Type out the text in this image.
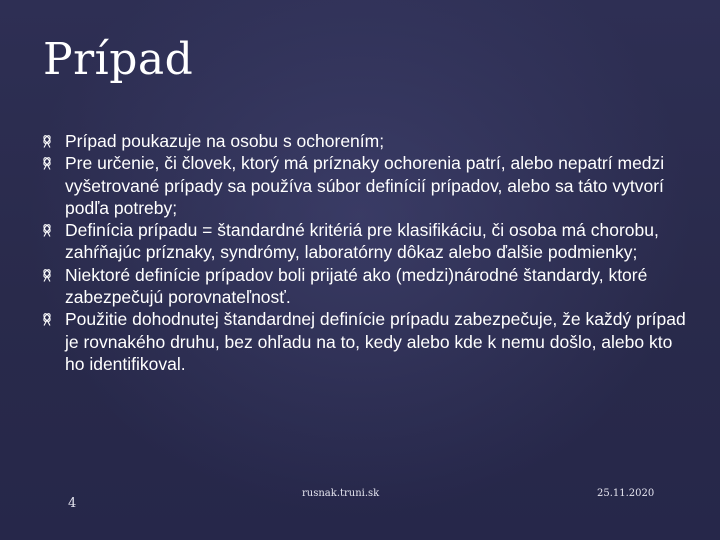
Prípad
Prípad poukazuje na osobu s ochorením;
Pre určenie, či človek, ktorý má príznaky ochorenia patrí, alebo nepatrí medzi vyšetrované prípady sa používa súbor definícií prípadov, alebo sa táto vytvorí podľa potreby;
Definícia prípadu = štandardné kritériá pre klasifikáciu, či osoba má chorobu, zahŕňajúc príznaky, syndrómy, laboratórny dôkaz alebo ďalšie podmienky;
Niektoré definície prípadov boli prijaté ako (medzi)národné štandardy, ktoré zabezpečujú porovnateľnosť.
Použitie dohodnutej štandardnej definície prípadu zabezpečuje, že každý prípad je rovnakého druhu, bez ohľadu na to, kedy alebo kde k nemu došlo, alebo kto ho identifikoval.
4
rusnak.truni.sk	25.11.2020
